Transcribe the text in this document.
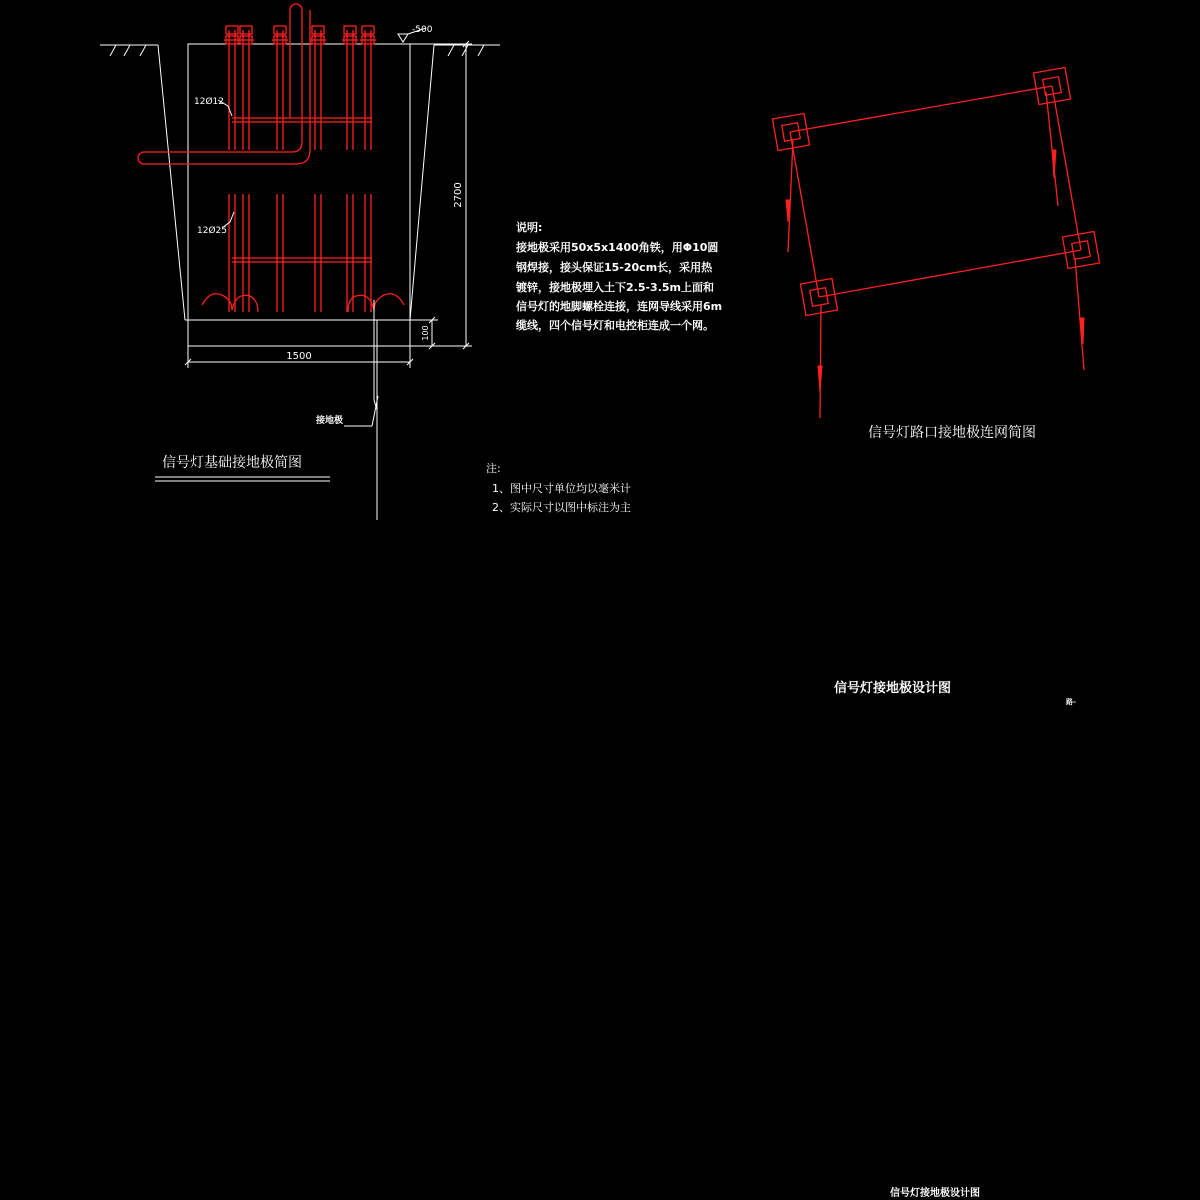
-500
12Ø12
12Ø25
1500
2700
100
接地极
信号灯基础接地极简图
说明:
接地极采用50x5x1400角铁，用Φ10圆
钢焊接，接头保证15-20cm长，采用热
镀锌，接地极埋入土下2.5-3.5m上面和
信号灯的地脚螺栓连接，连网导线采用6m
缆线，四个信号灯和电控柜连成一个网。
注:
1、图中尺寸单位均以毫米计
2、实际尺寸以图中标注为主
信号灯路口接地极连网简图
信号灯接地极设计图
路-
信号灯接地极设计图
